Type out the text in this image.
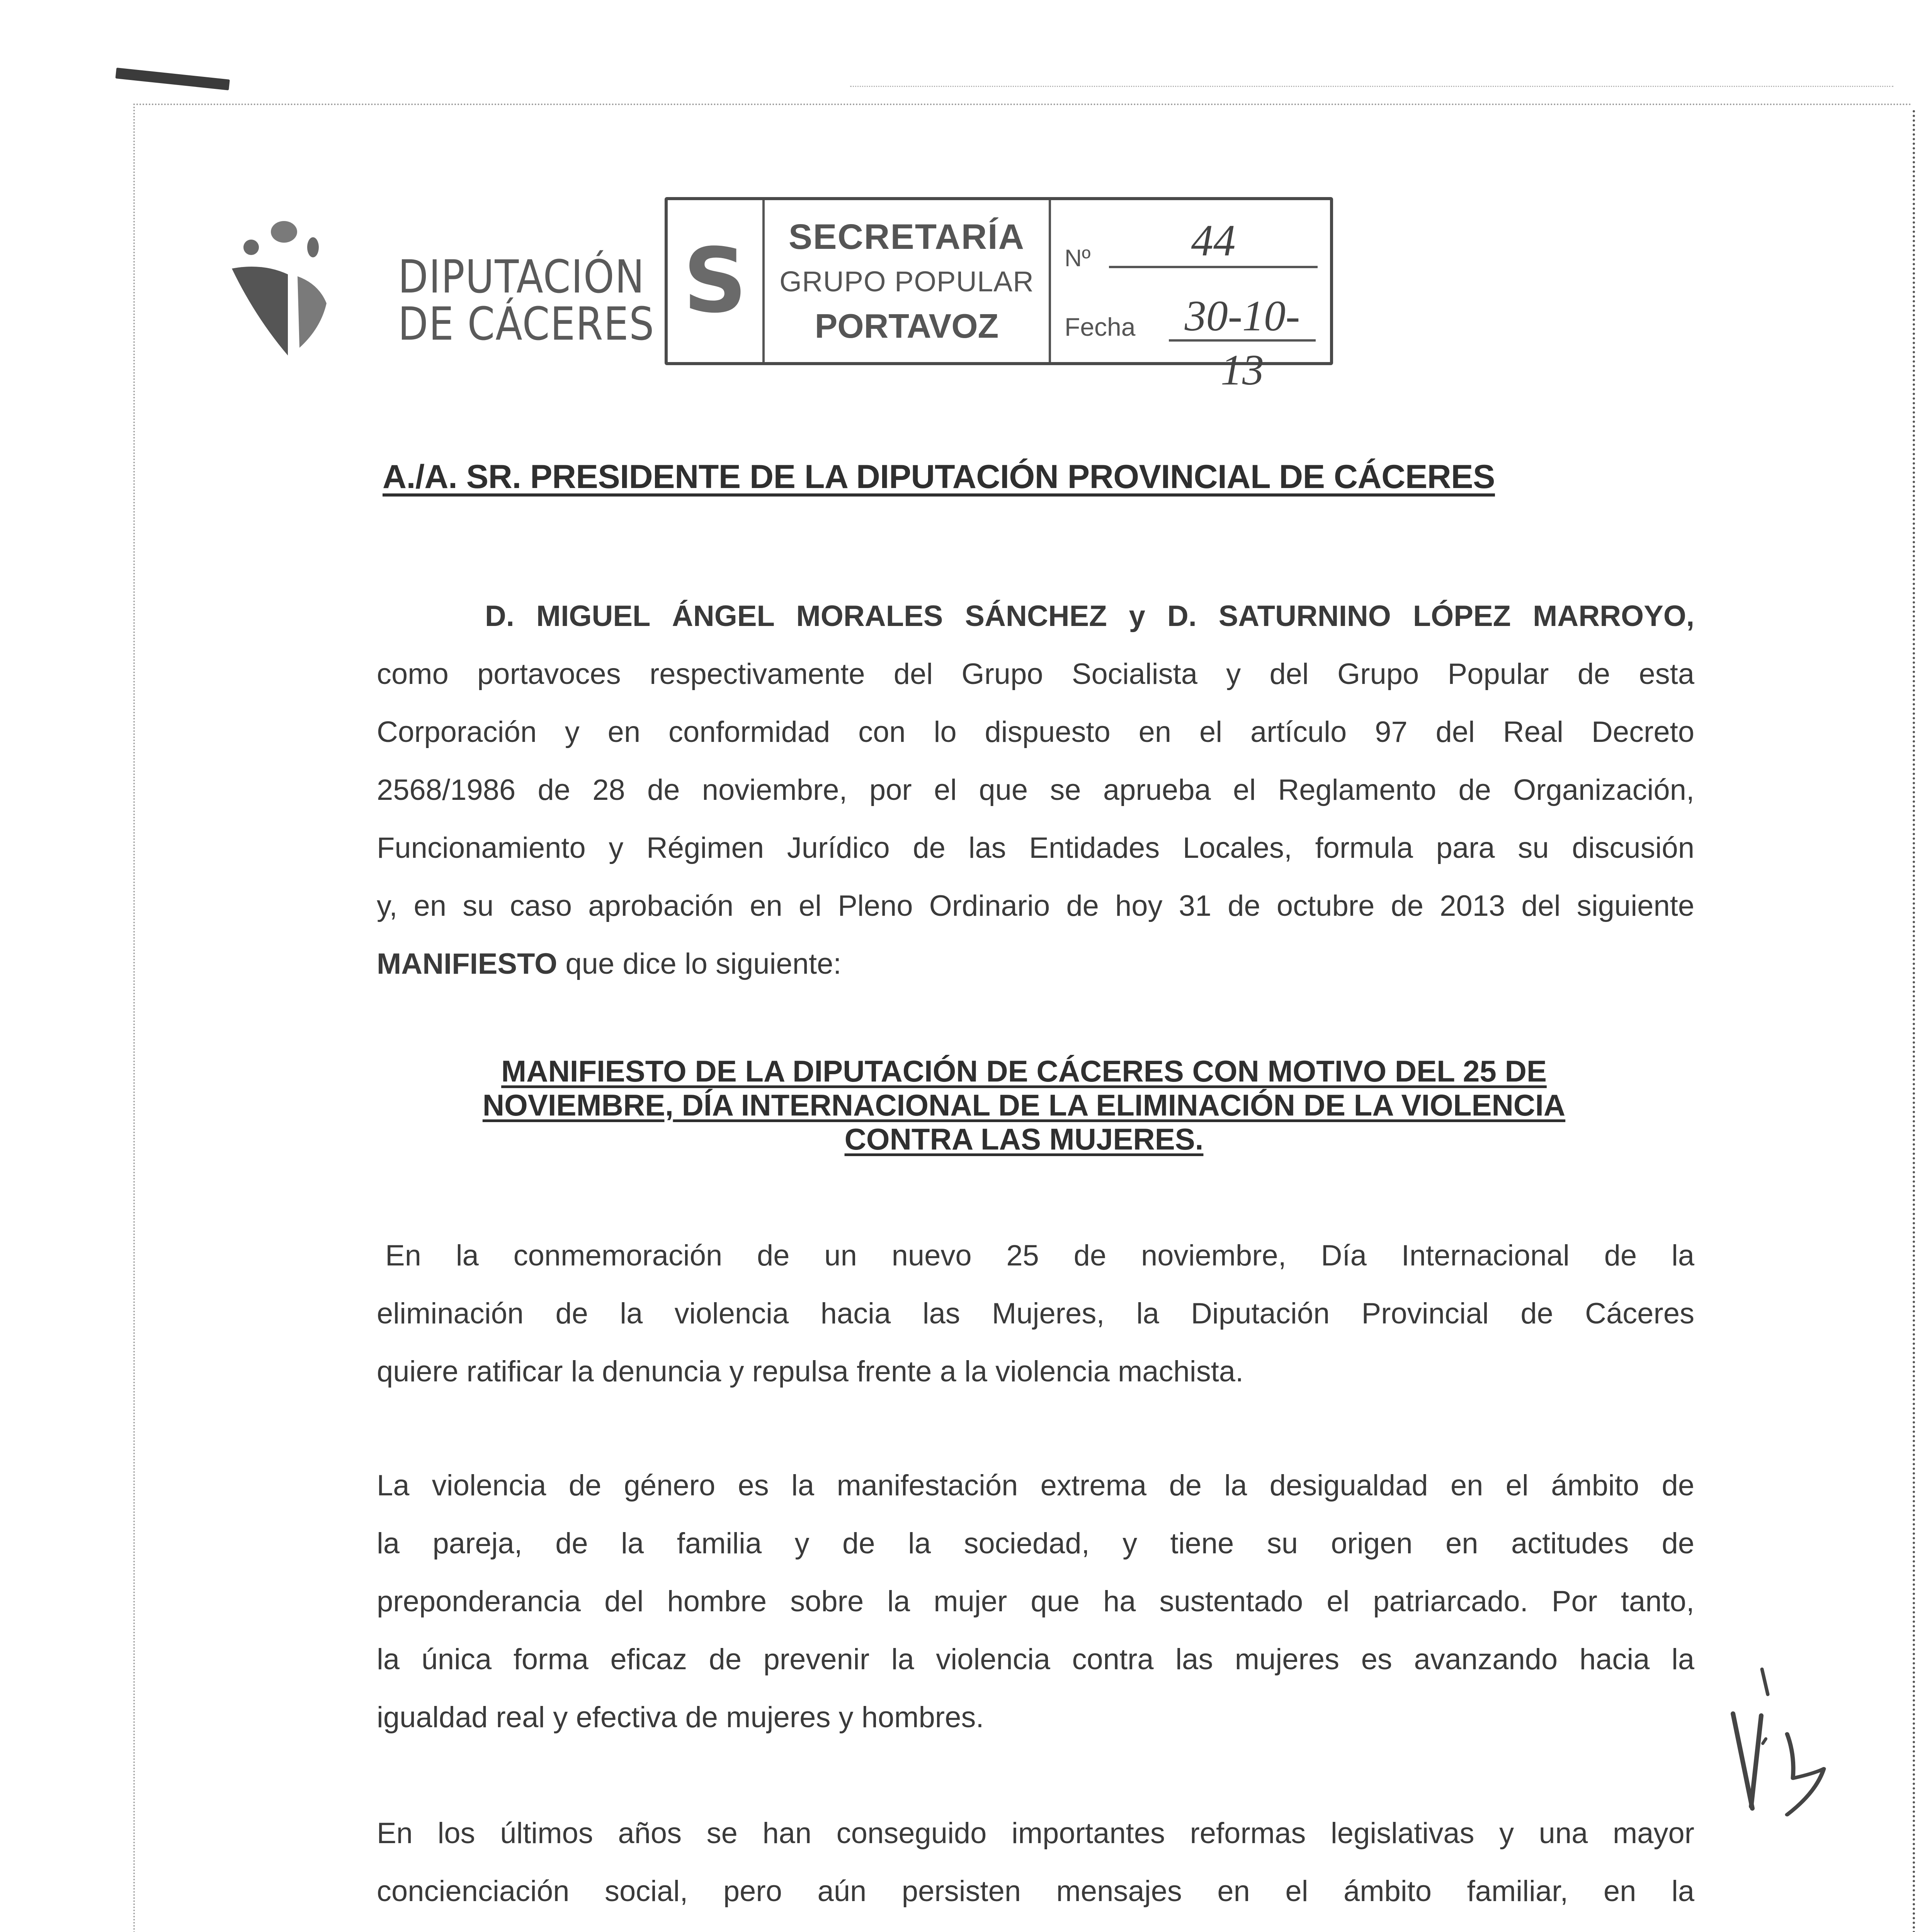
DIPUTACIÓN
DE CÁCERES S SECRETARÍA
GRUPO POPULAR
PORTAVOZ
Nº	44
Fecha	30-10-13
A./A. SR. PRESIDENTE DE LA DIPUTACIÓN PROVINCIAL DE CÁCERES
D. MIGUEL ÁNGEL MORALES SÁNCHEZ y D. SATURNINO LÓPEZ MARROYO,
como portavoces respectivamente del Grupo Socialista y del Grupo Popular de esta
Corporación y en conformidad con lo dispuesto en el artículo 97 del Real Decreto
2568/1986 de 28 de noviembre, por el que se aprueba el Reglamento de Organización,
Funcionamiento y Régimen Jurídico de las Entidades Locales, formula para su discusión
y, en su caso aprobación en el Pleno Ordinario de hoy 31 de octubre de 2013 del siguiente
MANIFIESTO que dice lo siguiente:
MANIFIESTO DE LA DIPUTACIÓN DE CÁCERES CON MOTIVO DEL 25 DE
NOVIEMBRE, DÍA INTERNACIONAL DE LA ELIMINACIÓN DE LA VIOLENCIA
CONTRA LAS MUJERES.
En la conmemoración de un nuevo 25 de noviembre, Día Internacional de la
eliminación de la violencia hacia las Mujeres, la Diputación Provincial de Cáceres
quiere ratificar la denuncia y repulsa frente a la violencia machista.
La violencia de género es la manifestación extrema de la desigualdad en el ámbito de
la pareja, de la familia y de la sociedad, y tiene su origen en actitudes de
preponderancia del hombre sobre la mujer que ha sustentado el patriarcado. Por tanto,
la única forma eficaz de prevenir la violencia contra las mujeres es avanzando hacia la
igualdad real y efectiva de mujeres y hombres.
En los últimos años se han conseguido importantes reformas legislativas y una mayor
concienciación social, pero aún persisten mensajes en el ámbito familiar, en la
